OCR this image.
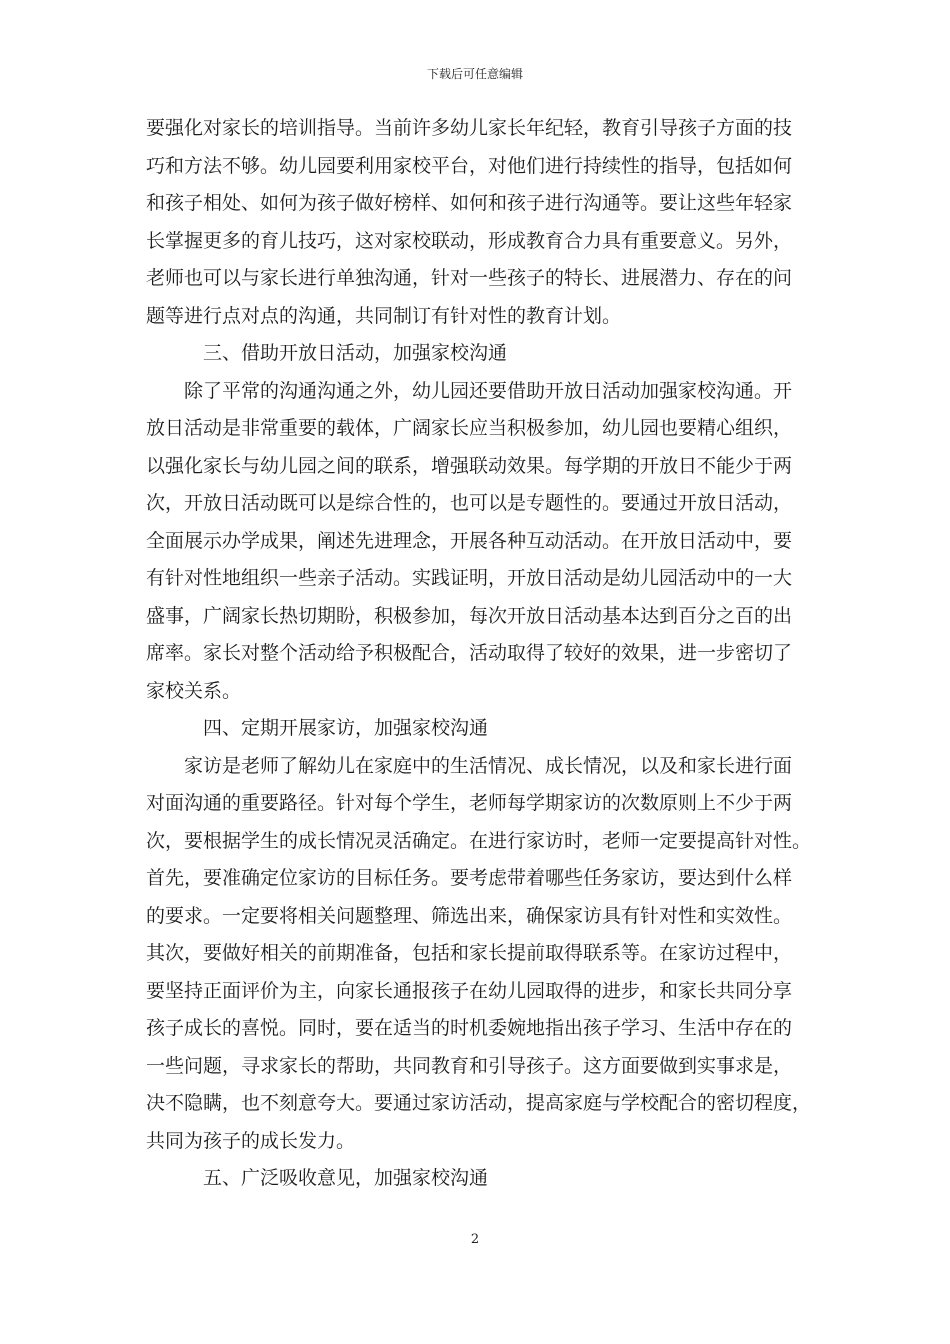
下载后可任意编辑

要强化对家长的培训指导。当前许多幼儿家长年纪轻，教育引导孩子方面的技

巧和方法不够。幼儿园要利用家校平台，对他们进行持续性的指导，包括如何

和孩子相处、如何为孩子做好榜样、如何和孩子进行沟通等。要让这些年轻家

长掌握更多的育儿技巧，这对家校联动，形成教育合力具有重要意义。另外，

老师也可以与家长进行单独沟通，针对一些孩子的特长、进展潜力、存在的问

题等进行点对点的沟通，共同制订有针对性的教育计划。

三、借助开放日活动，加强家校沟通

除了平常的沟通沟通之外，幼儿园还要借助开放日活动加强家校沟通。开

放日活动是非常重要的载体，广阔家长应当积极参加，幼儿园也要精心组织，

以强化家长与幼儿园之间的联系，增强联动效果。每学期的开放日不能少于两

次，开放日活动既可以是综合性的，也可以是专题性的。要通过开放日活动，

全面展示办学成果，阐述先进理念，开展各种互动活动。在开放日活动中，要

有针对性地组织一些亲子活动。实践证明，开放日活动是幼儿园活动中的一大

盛事，广阔家长热切期盼，积极参加，每次开放日活动基本达到百分之百的出

席率。家长对整个活动给予积极配合，活动取得了较好的效果，进一步密切了

家校关系。

四、定期开展家访，加强家校沟通

家访是老师了解幼儿在家庭中的生活情况、成长情况，以及和家长进行面

对面沟通的重要路径。针对每个学生，老师每学期家访的次数原则上不少于两

次，要根据学生的成长情况灵活确定。在进行家访时，老师一定要提高针对性。

首先，要准确定位家访的目标任务。要考虑带着哪些任务家访，要达到什么样

的要求。一定要将相关问题整理、筛选出来，确保家访具有针对性和实效性。

其次，要做好相关的前期准备，包括和家长提前取得联系等。在家访过程中，

要坚持正面评价为主，向家长通报孩子在幼儿园取得的进步，和家长共同分享

孩子成长的喜悦。同时，要在适当的时机委婉地指出孩子学习、生活中存在的

一些问题，寻求家长的帮助，共同教育和引导孩子。这方面要做到实事求是，

决不隐瞒，也不刻意夸大。要通过家访活动，提高家庭与学校配合的密切程度，

共同为孩子的成长发力。

五、广泛吸收意见，加强家校沟通

2
